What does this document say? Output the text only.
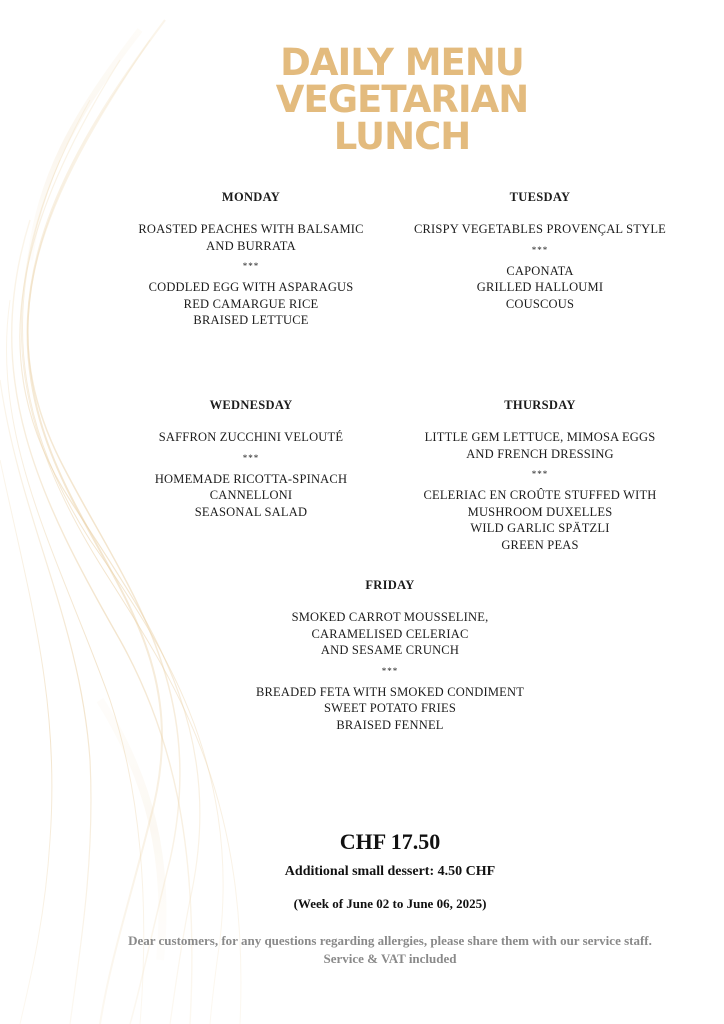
DAILY MENU
VEGETARIAN
LUNCH
MONDAY
ROASTED PEACHES WITH BALSAMIC
AND BURRATA
***
CODDLED EGG WITH ASPARAGUS
RED CAMARGUE RICE
BRAISED LETTUCE
TUESDAY
CRISPY VEGETABLES PROVENÇAL STYLE
***
CAPONATA
GRILLED HALLOUMI
COUSCOUS
WEDNESDAY
SAFFRON ZUCCHINI VELOUTÉ
***
HOMEMADE RICOTTA-SPINACH CANNELLONI
SEASONAL SALAD
THURSDAY
LITTLE GEM LETTUCE, MIMOSA EGGS
AND FRENCH DRESSING
***
CELERIAC EN CROÛTE STUFFED WITH
MUSHROOM DUXELLES
WILD GARLIC SPÄTZLI
GREEN PEAS
FRIDAY
SMOKED CARROT MOUSSELINE,
CARAMELISED CELERIAC
AND SESAME CRUNCH
***
BREADED FETA WITH SMOKED CONDIMENT
SWEET POTATO FRIES
BRAISED FENNEL
CHF 17.50
Additional small dessert: 4.50 CHF
(Week of June 02 to June 06, 2025)
Dear customers, for any questions regarding allergies, please share them with our service staff. Service & VAT included
